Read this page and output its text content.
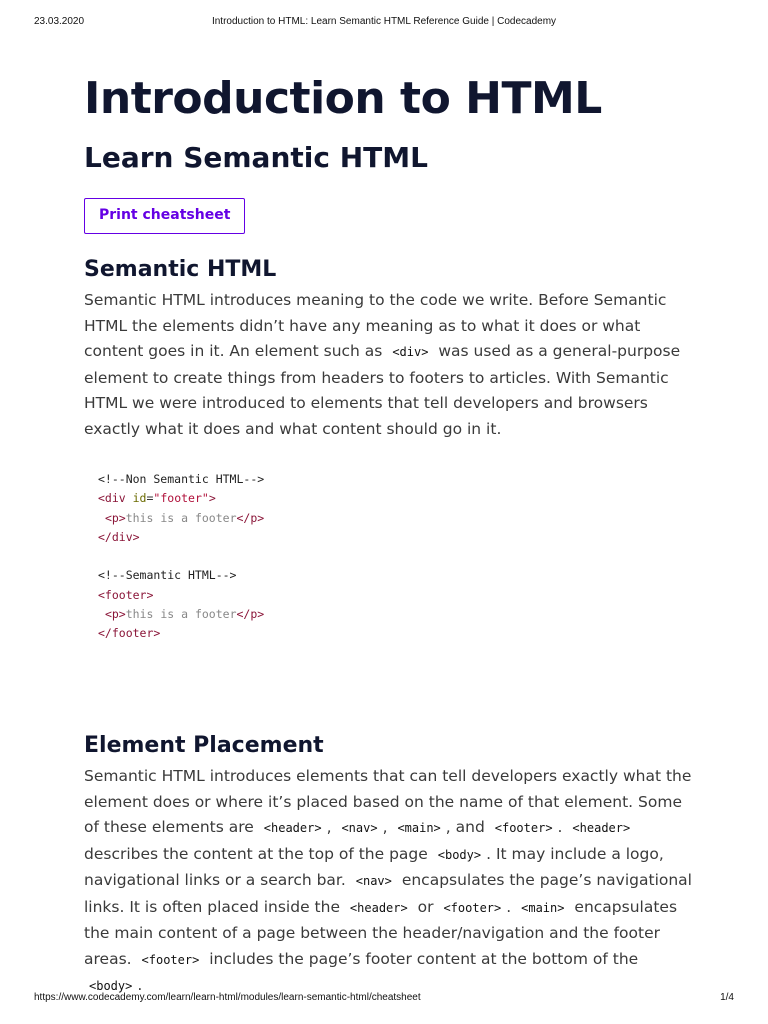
23.03.2020	Introduction to HTML: Learn Semantic HTML Reference Guide | Codecademy
Introduction to HTML
Learn Semantic HTML
Print cheatsheet
Semantic HTML

Semantic HTML introduces meaning to the code we write. Before Semantic HTML the elements didn’t have any meaning as to what it does or what content goes in it. An element such as <div> was used as a general-purpose element to create things from headers to footers to articles. With Semantic HTML we were introduced to elements that tell developers and browsers exactly what it does and what content should go in it.

<!--Non Semantic HTML-->
<div id="footer">
<p>this is a footer</p>
</div>

<!--Semantic HTML-->
<footer>
<p>this is a footer</p>
</footer>
Element Placement

Semantic HTML introduces elements that can tell developers exactly what the element does or where it’s placed based on the name of that element. Some of these elements are <header> , <nav> , <main> , and <footer> . <header> describes the content at the top of the page <body> . It may include a logo, navigational links or a search bar. <nav> encapsulates the page’s navigational links. It is often placed inside the <header> or <footer> . <main> encapsulates the main content of a page between the header/navigation and the footer areas. <footer> includes the page’s footer content at the bottom of the <body> .

https://www.codecademy.com/learn/learn-html/modules/learn-semantic-html/cheatsheet	1/4
